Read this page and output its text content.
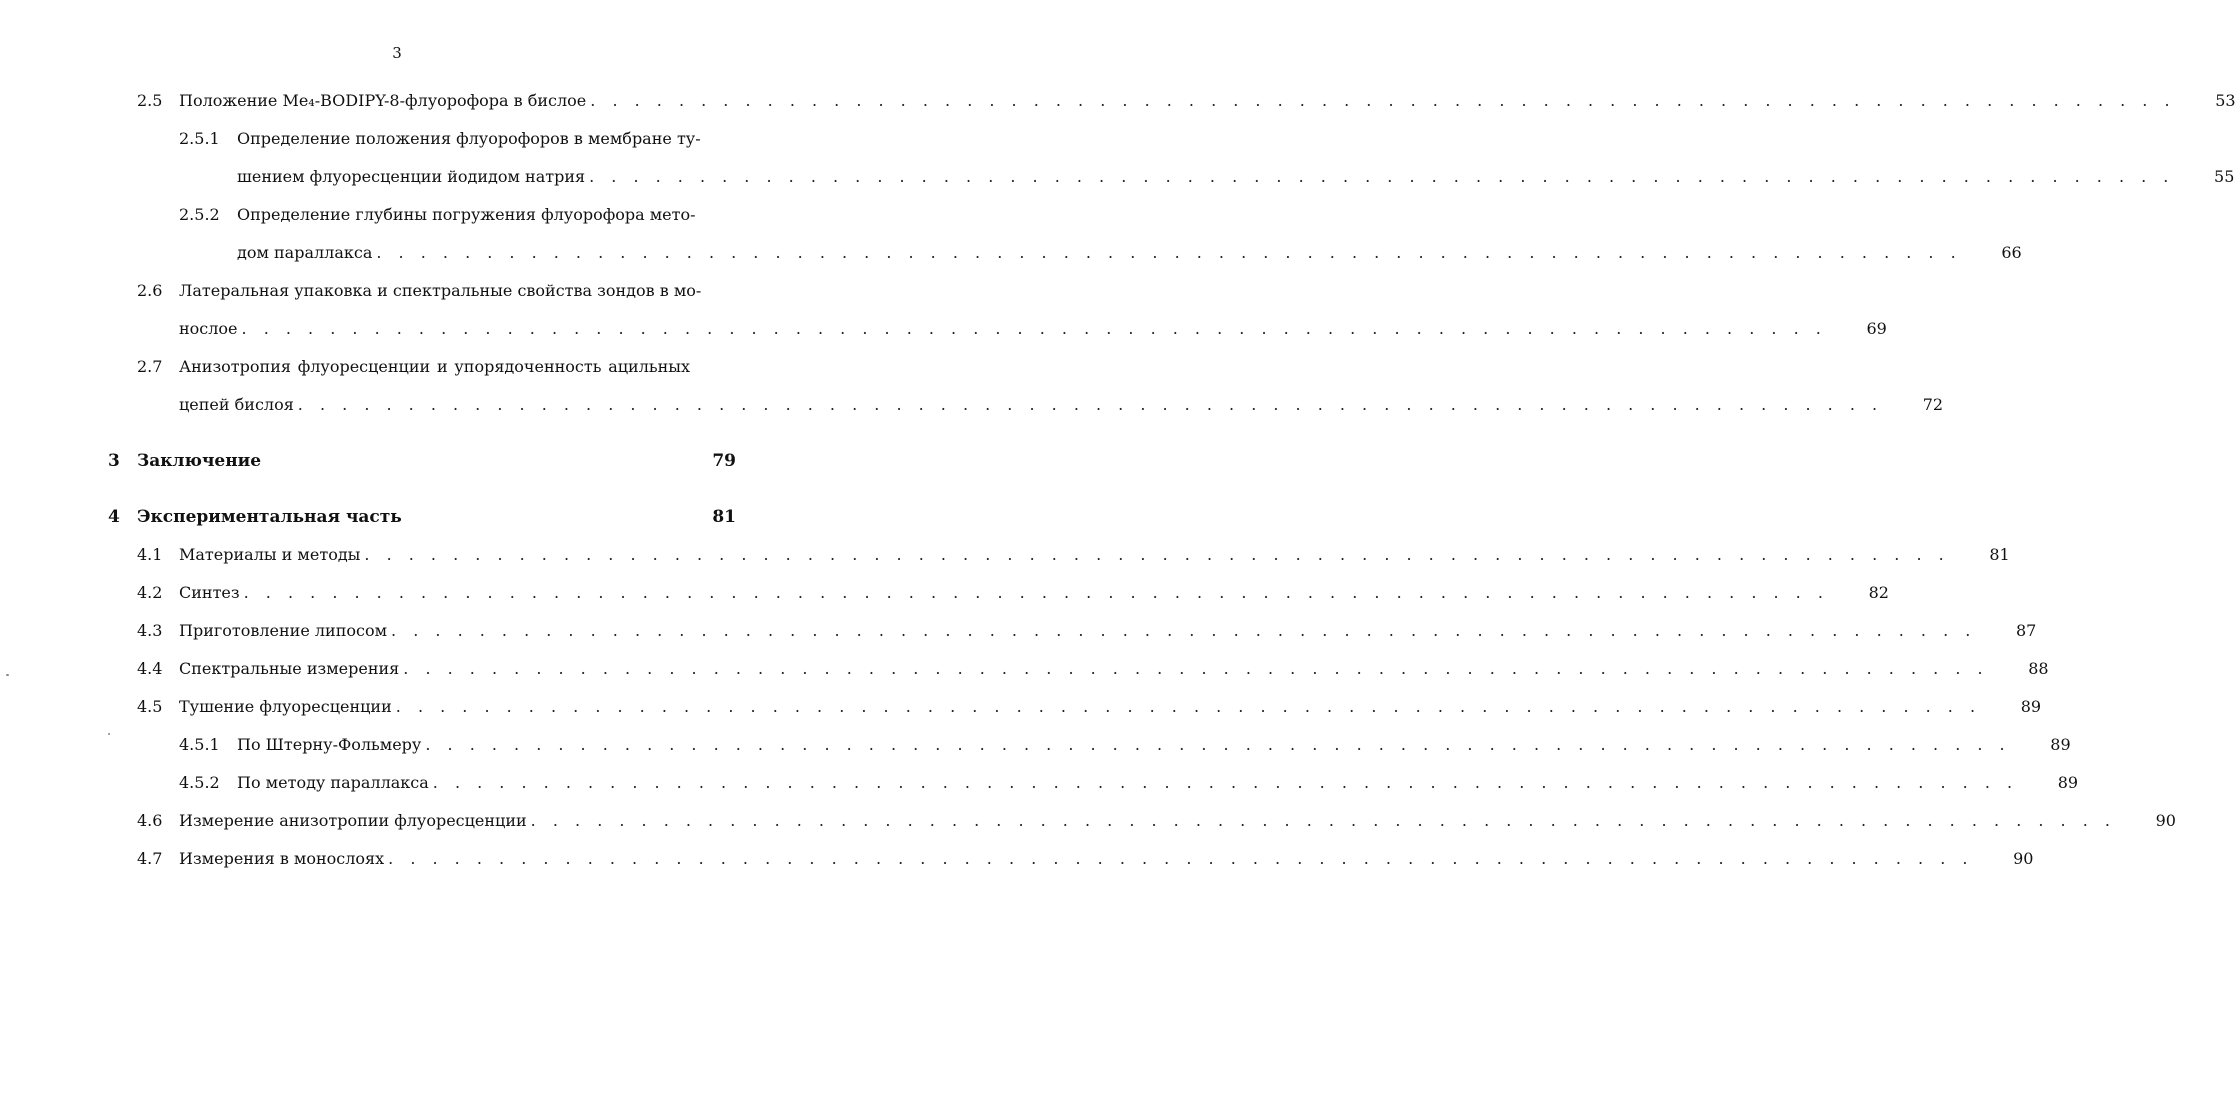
3
2.5 Положение Me₄-BODIPY-8-флуорофора в бислое . . . . . . . . . . . . . . . . . . . . . . . . . . . . . . . . . . . . . . . . . . . . . . . . . . . . . . . . . . . . . . . . . . . . . . . .	53
2.5.1 Определение положения флуорофоров в мембране ту-
шением флуоресценции йодидом натрия . . . . . . . . . . . . . . . . . . . . . . . . . . . . . . . . . . . . . . . . . . . . . . . . . . . . . . . . . . . . . . . . . . . . . . . .	55
2.5.2 Определение глубины погружения флуорофора мето-
дом параллакса . . . . . . . . . . . . . . . . . . . . . . . . . . . . . . . . . . . . . . . . . . . . . . . . . . . . . . . . . . . . . . . . . . . . . . . .	66
2.6 Латеральная упаковка и спектральные свойства зондов в мо-
нослое . . . . . . . . . . . . . . . . . . . . . . . . . . . . . . . . . . . . . . . . . . . . . . . . . . . . . . . . . . . . . . . . . . . . . . . .	69
2.7 Анизотропия флуоресценции и упорядоченность ацильных
цепей бислоя . . . . . . . . . . . . . . . . . . . . . . . . . . . . . . . . . . . . . . . . . . . . . . . . . . . . . . . . . . . . . . . . . . . . . . . .	72
3 Заключение	79
4 Экспериментальная часть	81
4.1 Материалы и методы . . . . . . . . . . . . . . . . . . . . . . . . . . . . . . . . . . . . . . . . . . . . . . . . . . . . . . . . . . . . . . . . . . . . . . . .	81
4.2 Синтез . . . . . . . . . . . . . . . . . . . . . . . . . . . . . . . . . . . . . . . . . . . . . . . . . . . . . . . . . . . . . . . . . . . . . . . .	82
4.3 Приготовление липосом . . . . . . . . . . . . . . . . . . . . . . . . . . . . . . . . . . . . . . . . . . . . . . . . . . . . . . . . . . . . . . . . . . . . . . . .	87
4.4 Спектральные измерения . . . . . . . . . . . . . . . . . . . . . . . . . . . . . . . . . . . . . . . . . . . . . . . . . . . . . . . . . . . . . . . . . . . . . . . .	88
4.5 Тушение флуоресценции . . . . . . . . . . . . . . . . . . . . . . . . . . . . . . . . . . . . . . . . . . . . . . . . . . . . . . . . . . . . . . . . . . . . . . . .	89
4.5.1 По Штерну-Фольмеру . . . . . . . . . . . . . . . . . . . . . . . . . . . . . . . . . . . . . . . . . . . . . . . . . . . . . . . . . . . . . . . . . . . . . . . .	89
4.5.2 По методу параллакса . . . . . . . . . . . . . . . . . . . . . . . . . . . . . . . . . . . . . . . . . . . . . . . . . . . . . . . . . . . . . . . . . . . . . . . .	89
4.6 Измерение анизотропии флуоресценции . . . . . . . . . . . . . . . . . . . . . . . . . . . . . . . . . . . . . . . . . . . . . . . . . . . . . . . . . . . . . . . . . . . . . . . .	90
4.7 Измерения в монослоях . . . . . . . . . . . . . . . . . . . . . . . . . . . . . . . . . . . . . . . . . . . . . . . . . . . . . . . . . . . . . . . . . . . . . . . .	90
